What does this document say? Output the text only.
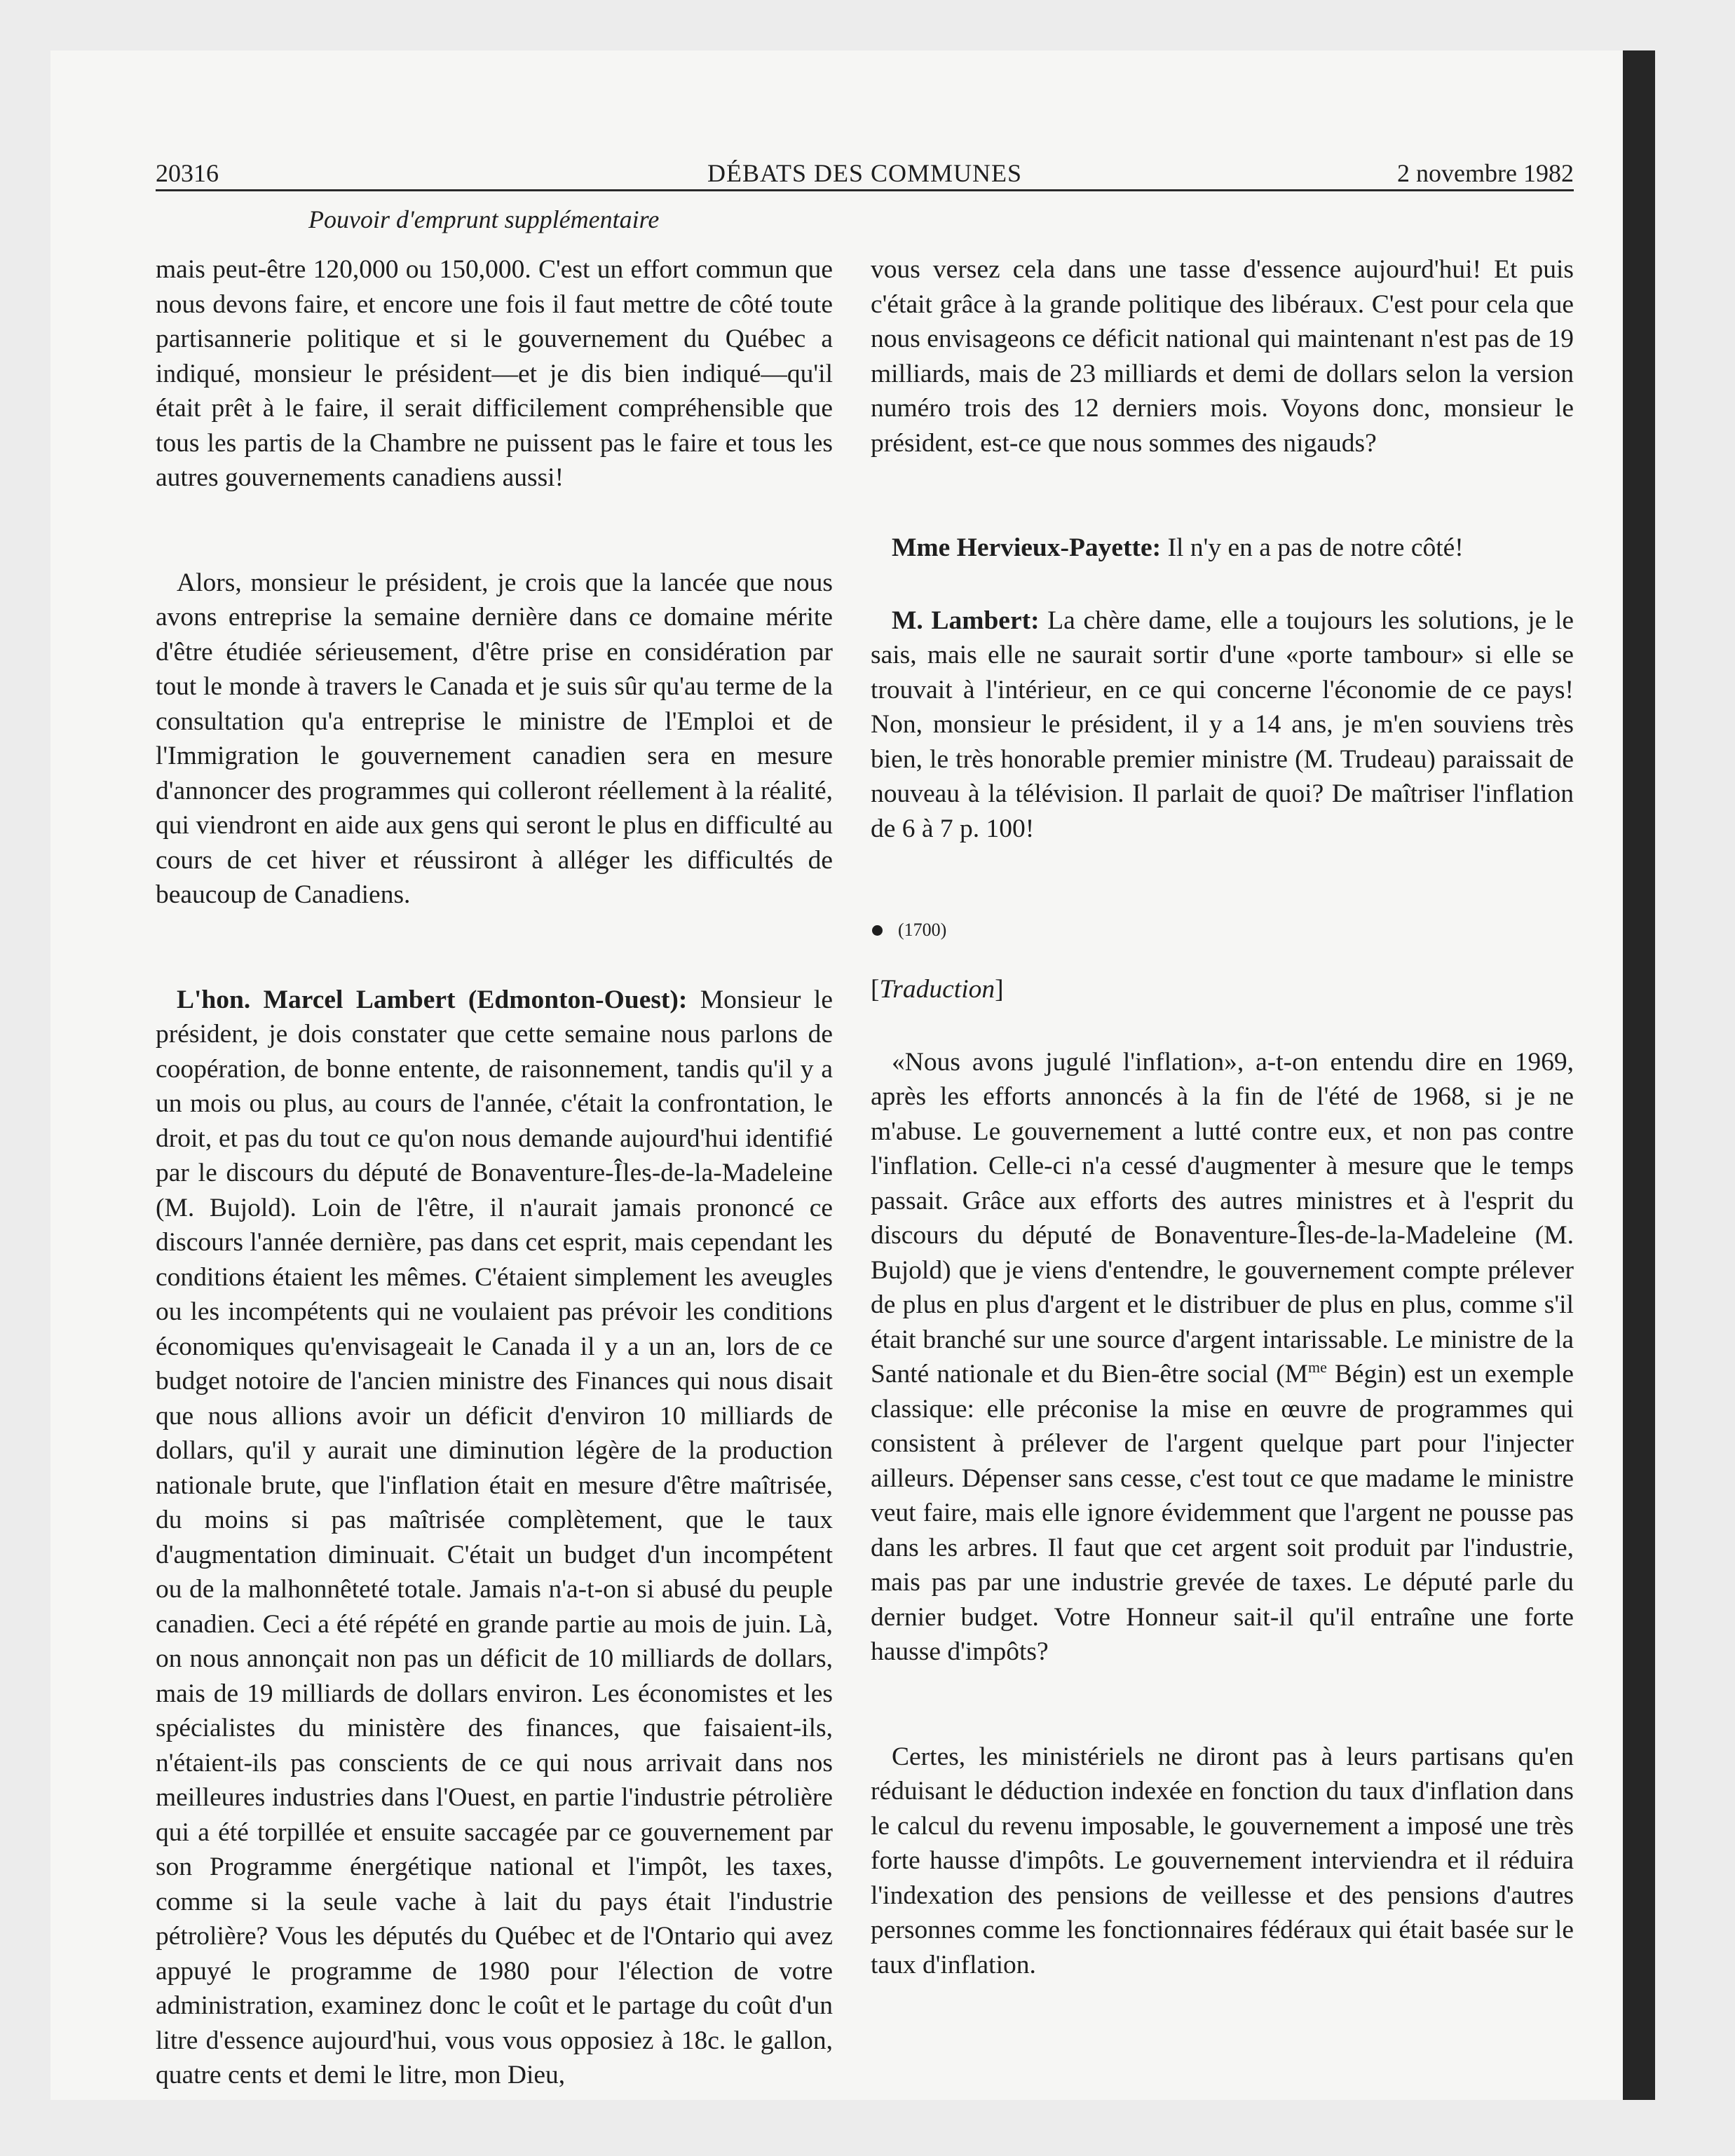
20316	DÉBATS DES COMMUNES	2 novembre 1982
Pouvoir d'emprunt supplémentaire

mais peut-être 120,000 ou 150,000. C'est un effort commun que nous devons faire, et encore une fois il faut mettre de côté toute partisannerie politique et si le gouvernement du Québec a indiqué, monsieur le président—et je dis bien indiqué—qu'il était prêt à le faire, il serait difficilement compréhensible que tous les partis de la Chambre ne puissent pas le faire et tous les autres gouvernements canadiens aussi!

Alors, monsieur le président, je crois que la lancée que nous avons entreprise la semaine dernière dans ce domaine mérite d'être étudiée sérieusement, d'être prise en considération par tout le monde à travers le Canada et je suis sûr qu'au terme de la consultation qu'a entreprise le ministre de l'Emploi et de l'Immigration le gouvernement canadien sera en mesure d'annoncer des programmes qui colleront réellement à la réalité, qui viendront en aide aux gens qui seront le plus en difficulté au cours de cet hiver et réussiront à alléger les difficultés de beaucoup de Canadiens.

L'hon. Marcel Lambert (Edmonton-Ouest): Monsieur le président, je dois constater que cette semaine nous parlons de coopération, de bonne entente, de raisonnement, tandis qu'il y a un mois ou plus, au cours de l'année, c'était la confrontation, le droit, et pas du tout ce qu'on nous demande aujourd'hui identifié par le discours du député de Bonaventure-Îles-de-la-Madeleine (M. Bujold). Loin de l'être, il n'aurait jamais prononcé ce discours l'année dernière, pas dans cet esprit, mais cependant les conditions étaient les mêmes. C'étaient simplement les aveugles ou les incompétents qui ne voulaient pas prévoir les conditions économiques qu'envisageait le Canada il y a un an, lors de ce budget notoire de l'ancien ministre des Finances qui nous disait que nous allions avoir un déficit d'environ 10 milliards de dollars, qu'il y aurait une diminution légère de la production nationale brute, que l'inflation était en mesure d'être maîtrisée, du moins si pas maîtrisée complètement, que le taux d'augmentation diminuait. C'était un budget d'un incompétent ou de la malhonnêteté totale. Jamais n'a-t-on si abusé du peuple canadien. Ceci a été répété en grande partie au mois de juin. Là, on nous annonçait non pas un déficit de 10 milliards de dollars, mais de 19 milliards de dollars environ. Les économistes et les spécialistes du ministère des finances, que faisaient-ils, n'étaient-ils pas conscients de ce qui nous arrivait dans nos meilleures industries dans l'Ouest, en partie l'industrie pétrolière qui a été torpillée et ensuite saccagée par ce gouvernement par son Programme énergétique national et l'impôt, les taxes, comme si la seule vache à lait du pays était l'industrie pétrolière? Vous les députés du Québec et de l'Ontario qui avez appuyé le programme de 1980 pour l'élection de votre administration, examinez donc le coût et le partage du coût d'un litre d'essence aujourd'hui, vous vous opposiez à 18c. le gallon, quatre cents et demi le litre, mon Dieu,

vous versez cela dans une tasse d'essence aujourd'hui! Et puis c'était grâce à la grande politique des libéraux. C'est pour cela que nous envisageons ce déficit national qui maintenant n'est pas de 19 milliards, mais de 23 milliards et demi de dollars selon la version numéro trois des 12 derniers mois. Voyons donc, monsieur le président, est-ce que nous sommes des nigauds?

Mme Hervieux-Payette: Il n'y en a pas de notre côté!

M. Lambert: La chère dame, elle a toujours les solutions, je le sais, mais elle ne saurait sortir d'une «porte tambour» si elle se trouvait à l'intérieur, en ce qui concerne l'économie de ce pays! Non, monsieur le président, il y a 14 ans, je m'en souviens très bien, le très honorable premier ministre (M. Trudeau) paraissait de nouveau à la télévision. Il parlait de quoi? De maîtriser l'inflation de 6 à 7 p. 100!

(1700)
[Traduction]

«Nous avons jugulé l'inflation», a-t-on entendu dire en 1969, après les efforts annoncés à la fin de l'été de 1968, si je ne m'abuse. Le gouvernement a lutté contre eux, et non pas contre l'inflation. Celle-ci n'a cessé d'augmenter à mesure que le temps passait. Grâce aux efforts des autres ministres et à l'esprit du discours du député de Bonaventure-Îles-de-la-Madeleine (M. Bujold) que je viens d'entendre, le gouvernement compte prélever de plus en plus d'argent et le distribuer de plus en plus, comme s'il était branché sur une source d'argent intarissable. Le ministre de la Santé nationale et du Bien-être social ($M^{me}$ Bégin) est un exemple classique: elle préconise la mise en œuvre de programmes qui consistent à prélever de l'argent quelque part pour l'injecter ailleurs. Dépenser sans cesse, c'est tout ce que madame le ministre veut faire, mais elle ignore évidemment que l'argent ne pousse pas dans les arbres. Il faut que cet argent soit produit par l'industrie, mais pas par une industrie grevée de taxes. Le député parle du dernier budget. Votre Honneur sait-il qu'il entraîne une forte hausse d'impôts?

Certes, les ministériels ne diront pas à leurs partisans qu'en réduisant le déduction indexée en fonction du taux d'inflation dans le calcul du revenu imposable, le gouvernement a imposé une très forte hausse d'impôts. Le gouvernement interviendra et il réduira l'indexation des pensions de veillesse et des pensions d'autres personnes comme les fonctionnaires fédéraux qui était basée sur le taux d'inflation.
